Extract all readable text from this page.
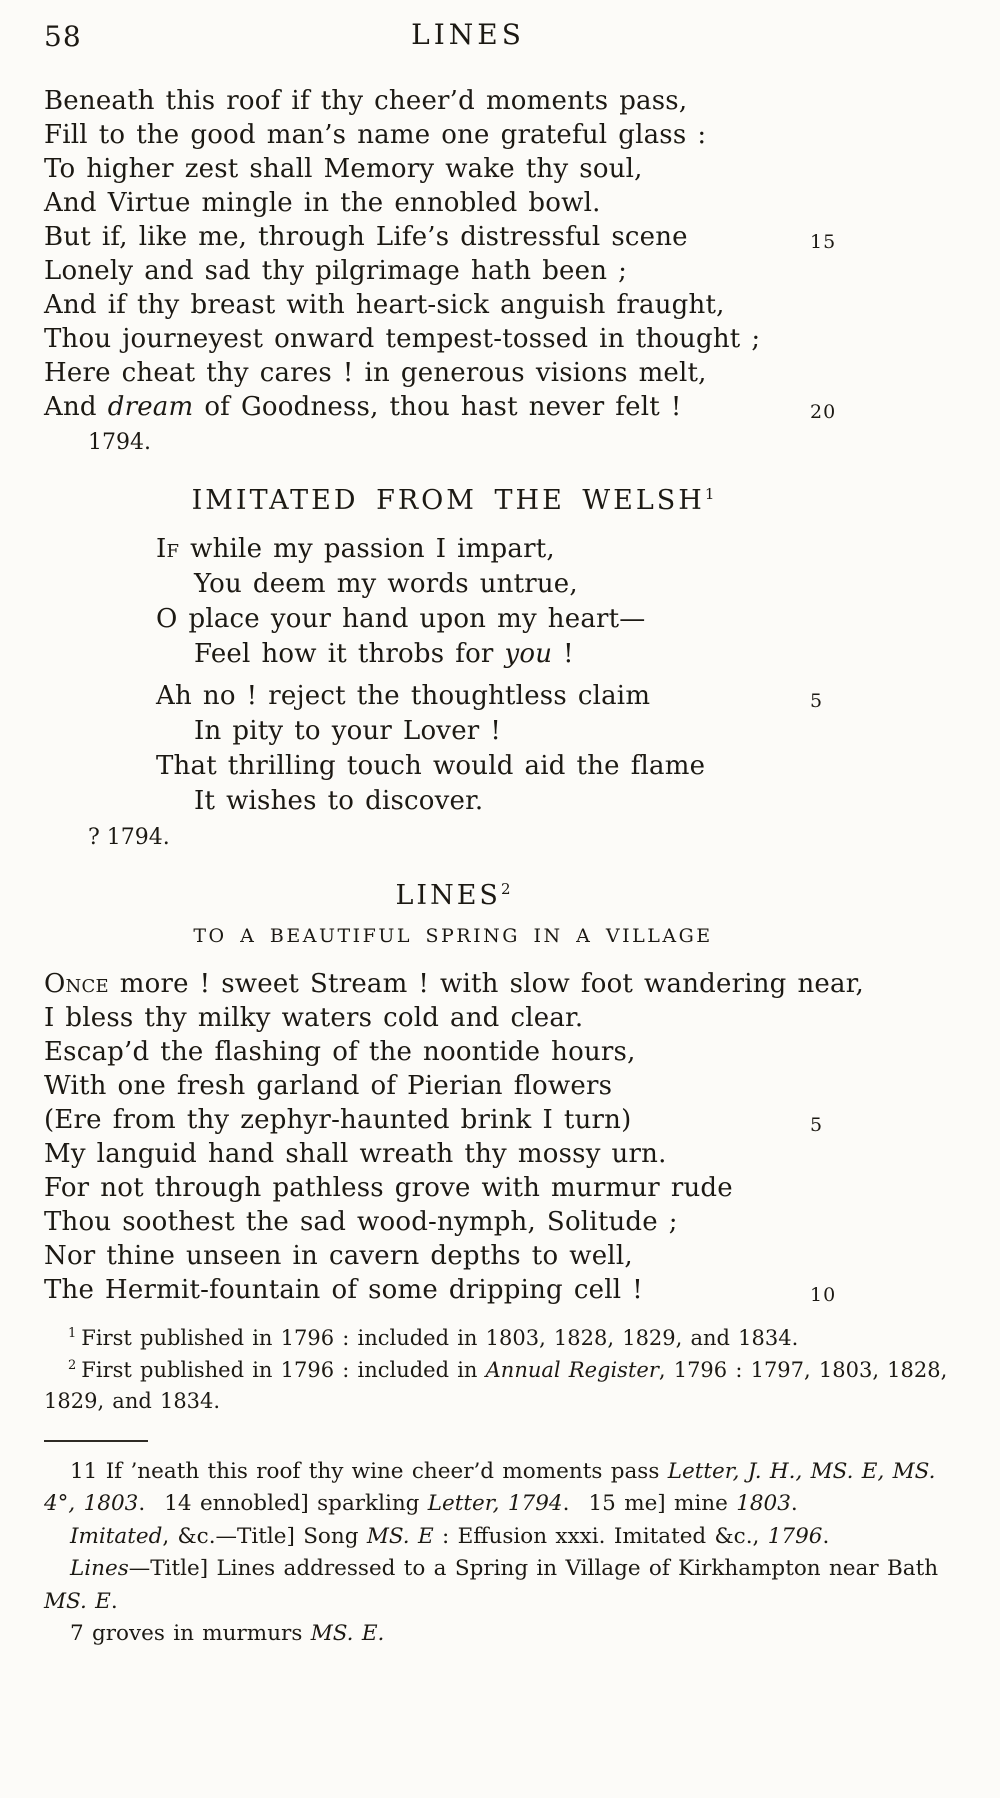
58	LINES
Beneath this roof if thy cheer’d moments pass,
Fill to the good man’s name one grateful glass :
To higher zest shall Memory wake thy soul,
And Virtue mingle in the ennobled bowl.
But if, like me, through Life’s distressful scene	15
Lonely and sad thy pilgrimage hath been ;
And if thy breast with heart-sick anguish fraught,
Thou journeyest onward tempest-tossed in thought ;
Here cheat thy cares ! in generous visions melt,
And dream of Goodness, thou hast never felt !	20
1794.
IMITATED FROM THE WELSH$^1$
If while my passion I impart,
You deem my words untrue,
O place your hand upon my heart—
Feel how it throbs for you !
Ah no ! reject the thoughtless claim	5
In pity to your Lover !
That thrilling touch would aid the flame
It wishes to discover.
? 1794.
LINES$^2$
TO A BEAUTIFUL SPRING IN A VILLAGE
Once more ! sweet Stream ! with slow foot wandering near,
I bless thy milky waters cold and clear.
Escap’d the flashing of the noontide hours,
With one fresh garland of Pierian flowers
(Ere from thy zephyr-haunted brink I turn)	5
My languid hand shall wreath thy mossy urn.
For not through pathless grove with murmur rude
Thou soothest the sad wood-nymph, Solitude ;
Nor thine unseen in cavern depths to well,
The Hermit-fountain of some dripping cell !	10

$^1$ First published in 1796 : included in 1803, 1828, 1829, and 1834.

$^2$ First published in 1796 : included in Annual Register, 1796 : 1797, 1803, 1828, 1829, and 1834.

11 If ’neath this roof thy wine cheer’d moments pass Letter, J. H., MS. E, MS. 4°, 1803.  14 ennobled] sparkling Letter, 1794.  15 me] mine 1803.

Imitated, &c.—Title] Song MS. E : Effusion xxxi. Imitated &c., 1796.

Lines—Title] Lines addressed to a Spring in Village of Kirkhampton near Bath MS. E.

7 groves in murmurs MS. E.
